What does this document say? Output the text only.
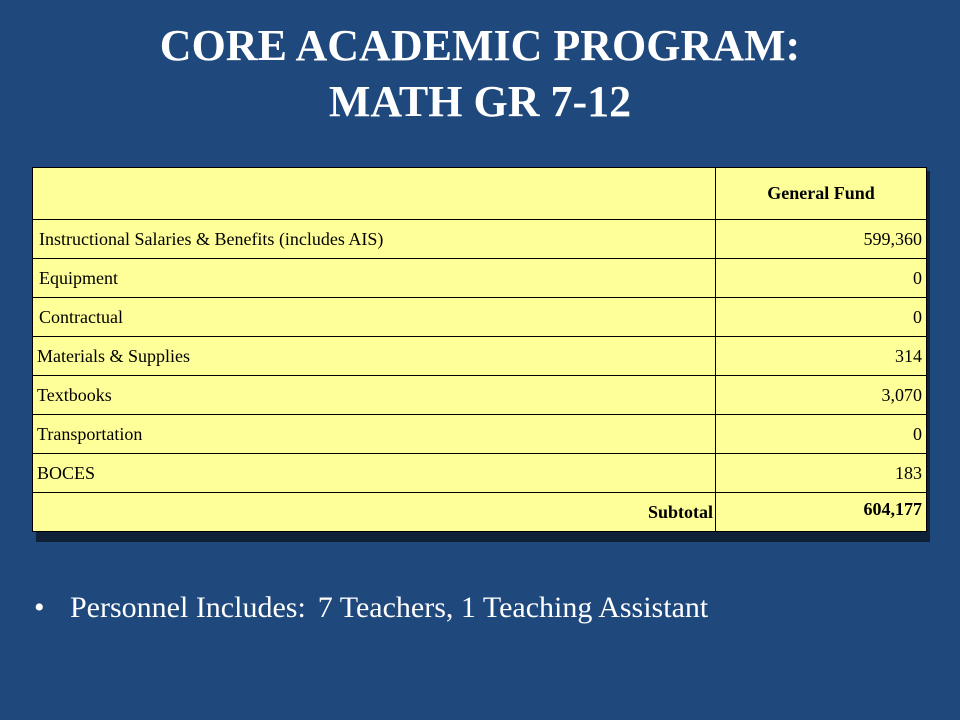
CORE ACADEMIC PROGRAM:
MATH GR 7-12
	General Fund
Instructional Salaries & Benefits (includes AIS)	599,360
Equipment	0
Contractual	0
Materials & Supplies	314
Textbooks	3,070
Transportation	0
BOCES	183
Subtotal	604,177
• Personnel Includes: 7 Teachers, 1 Teaching Assistant
